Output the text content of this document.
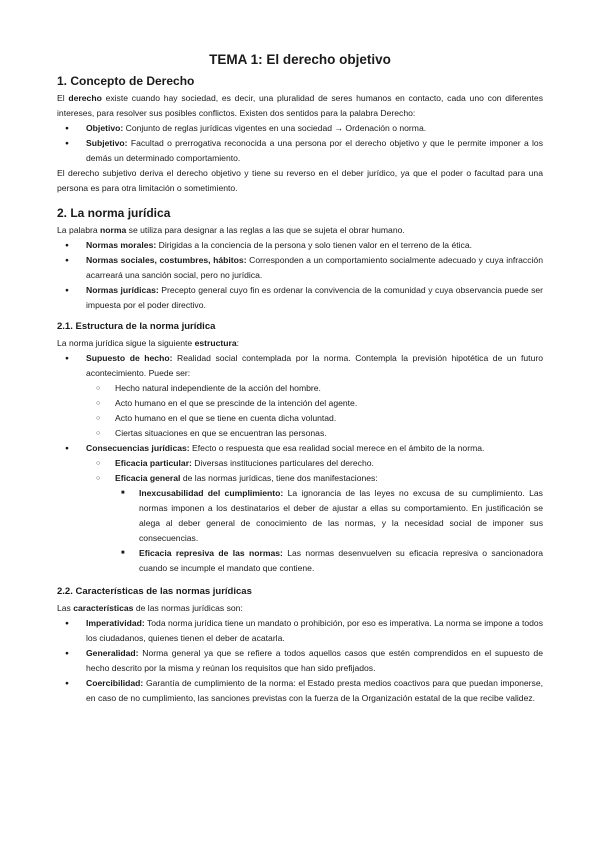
TEMA 1: El derecho objetivo
1. Concepto de Derecho

El derecho existe cuando hay sociedad, es decir, una pluralidad de seres humanos en contacto, cada uno con diferentes intereses, para resolver sus posibles conflictos. Existen dos sentidos para la palabra Derecho:

● Objetivo: Conjunto de reglas jurídicas vigentes en una sociedad → Ordenación o norma.
● Subjetivo: Facultad o prerrogativa reconocida a una persona por el derecho objetivo y que le permite imponer a los demás un determinado comportamiento.

El derecho subjetivo deriva el derecho objetivo y tiene su reverso en el deber jurídico, ya que el poder o facultad para una persona es para otra limitación o sometimiento.

2. La norma jurídica

La palabra norma se utiliza para designar a las reglas a las que se sujeta el obrar humano.

● Normas morales: Dirigidas a la conciencia de la persona y solo tienen valor en el terreno de la ética.
● Normas sociales, costumbres, hábitos: Corresponden a un comportamiento socialmente adecuado y cuya infracción acarreará una sanción social, pero no jurídica.
● Normas jurídicas: Precepto general cuyo fin es ordenar la convivencia de la comunidad y cuya observancia puede ser impuesta por el poder directivo.
2.1. Estructura de la norma jurídica

La norma jurídica sigue la siguiente estructura:

● Supuesto de hecho: Realidad social contemplada por la norma. Contempla la previsión hipotética de un futuro acontecimiento. Puede ser:
○ Hecho natural independiente de la acción del hombre.
○ Acto humano en el que se prescinde de la intención del agente.
○ Acto humano en el que se tiene en cuenta dicha voluntad.
○ Ciertas situaciones en que se encuentran las personas.
● Consecuencias jurídicas: Efecto o respuesta que esa realidad social merece en el ámbito de la norma.
○ Eficacia particular: Diversas instituciones particulares del derecho.
○ Eficacia general de las normas jurídicas, tiene dos manifestaciones:
■ Inexcusabilidad del cumplimiento: La ignorancia de las leyes no excusa de su cumplimiento. Las normas imponen a los destinatarios el deber de ajustar a ellas su comportamiento. En justificación se alega al deber general de conocimiento de las normas, y la necesidad social de imponer sus consecuencias.
■ Eficacia represiva de las normas: Las normas desenvuelven su eficacia represiva o sancionadora cuando se incumple el mandato que contiene.
2.2. Características de las normas jurídicas

Las características de las normas jurídicas son:

● Imperatividad: Toda norma jurídica tiene un mandato o prohibición, por eso es imperativa. La norma se impone a todos los ciudadanos, quienes tienen el deber de acatarla.
● Generalidad: Norma general ya que se refiere a todos aquellos casos que estén comprendidos en el supuesto de hecho descrito por la misma y reúnan los requisitos que han sido prefijados.
● Coercibilidad: Garantía de cumplimiento de la norma: el Estado presta medios coactivos para que puedan imponerse, en caso de no cumplimiento, las sanciones previstas con la fuerza de la Organización estatal de la que recibe validez.
